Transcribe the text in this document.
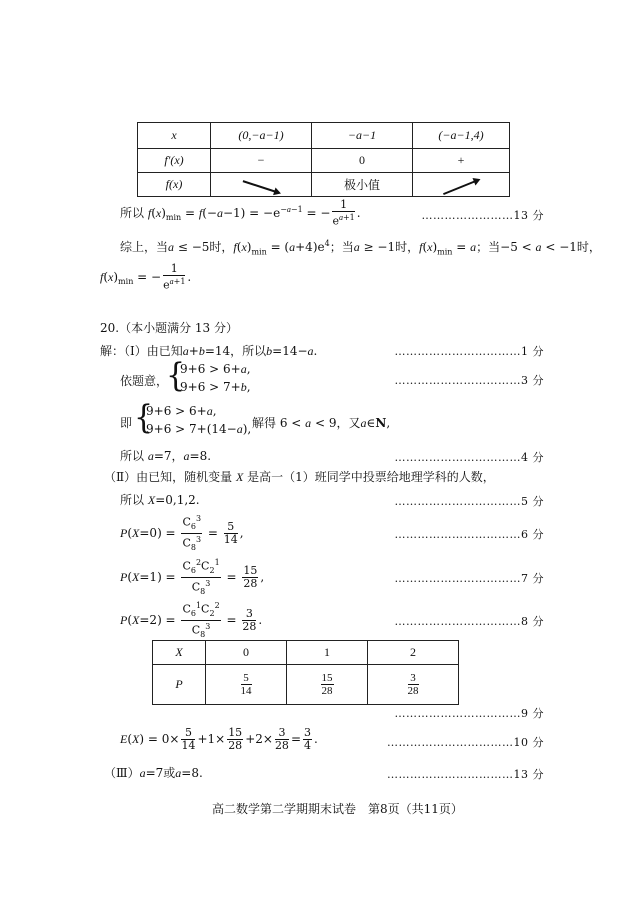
x	(0,−a−1)	−a−1	(−a−1,4)
f′(x)	−	0	+
f(x)		极小值	
所以 $f(x)_{min} = f(-a-1) = -e^{-a-1}$ = − $\frac{1}{e^{a+1}}$ .	……………………13 分
综上，当a ≤ −5时，$f(x)_{min} = (a+4)e^4$；当a ≥ −1时，$f(x)_{min} = a$；当−5 < a < −1时，
$f(x)_{min}$ = − $\frac{1}{e^{a+1}}$ .
20.（本小题满分 13 分）
解：（Ⅰ）由已知a+b=14，所以b=14−a.	……………………………1 分
依题意，
{
9+6 > 6+a,
9+6 > 7+b,	……………………………3 分
即 {
9+6 > 6+a,
9+6 > 7+(14−a), 解得 6 < a < 9，又a∈N,
所以 a=7，a=8.	……………………………4 分
（Ⅱ）由已知，随机变量 X 是高一（1）班同学中投票给地理学科的人数，
所以 X=0,1,2.	……………………………5 分
$P(X=0) = \frac{C_6^3}{C_8^3} = \frac{5}{14}$ ,	……………………………6 分
$P(X=1) = \frac{C_6^2C_2^1}{C_8^3} = \frac{15}{28}$ ,	……………………………7 分
$P(X=2) = \frac{C_6^1C_2^2}{C_8^3} = \frac{3}{28}$ .	……………………………8 分
X	0	1	2
P	$\frac{5}{14}$	$\frac{15}{28}$	$\frac{3}{28}$
……………………………9 分
$E(X) = 0\times \frac{5}{14} +1\times \frac{15}{28} +2\times \frac{3}{28} = \frac{3}{4}$ .	……………………………10 分
（Ⅲ）a=7或a=8.	……………………………13 分
高二数学第二学期期末试卷　第8页（共11页）
